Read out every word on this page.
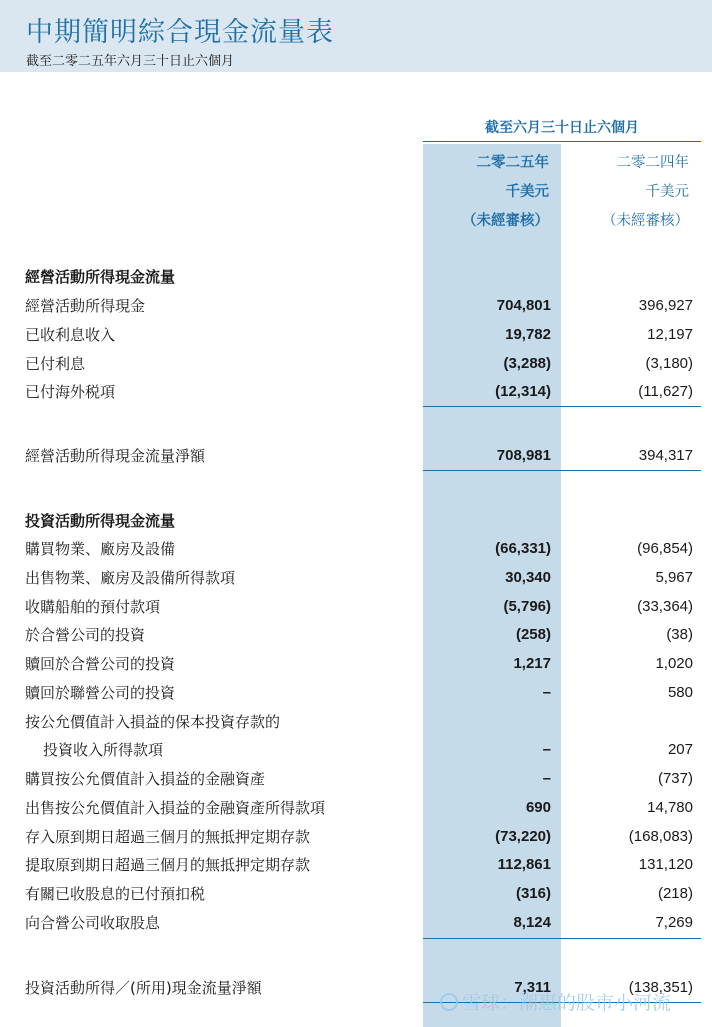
中期簡明綜合現金流量表
截至二零二五年六月三十日止六個月
截至六月三十日止六個月
二零二五年
千美元
（未經審核）
二零二四年
千美元
（未經審核）
經營活動所得現金流量
經營活動所得現金	704,801	396,927
已收利息收入	19,782	12,197
已付利息	(3,288)	(3,180)
已付海外税項	(12,314)	(11,627)
經營活動所得現金流量淨額	708,981	394,317
投資活動所得現金流量
購買物業、廠房及設備	(66,331)	(96,854)
出售物業、廠房及設備所得款項	30,340	5,967
收購船舶的預付款項	(5,796)	(33,364)
於合營公司的投資	(258)	(38)
贖回於合營公司的投資	1,217	1,020
贖回於聯營公司的投資	–	580
按公允價值計入損益的保本投資存款的
投資收入所得款項	–	207
購買按公允價值計入損益的金融資產	–	(737)
出售按公允價值計入損益的金融資產所得款項	690	14,780
存入原到期日超過三個月的無抵押定期存款	(73,220)	(168,083)
提取原到期日超過三個月的無抵押定期存款	112,861	131,120
有關已收股息的已付預扣税	(316)	(218)
向合營公司收取股息	8,124	7,269
投資活動所得／(所用)現金流量淨額	7,311	(138,351)
雪球：潮惠的股市小河流
